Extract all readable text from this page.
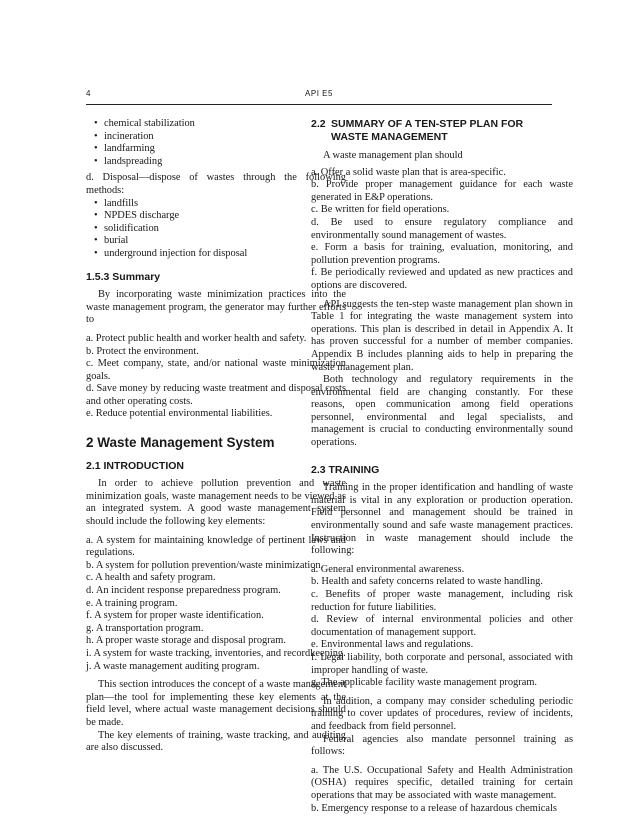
4	API E5
• chemical stabilization
• incineration
• landfarming
• landspreading

d. Disposal—dispose of wastes through the following methods:

• landfills
• NPDES discharge
• solidification
• burial
• underground injection for disposal
1.5.3 Summary

By incorporating waste minimization practices into the waste management program, the generator may further efforts to

a. Protect public health and worker health and safety.

b. Protect the environment.

c. Meet company, state, and/or national waste minimization goals.

d. Save money by reducing waste treatment and disposal costs and other operating costs.

e. Reduce potential environmental liabilities.

2 Waste Management System
2.1 INTRODUCTION

In order to achieve pollution prevention and waste minimization goals, waste management needs to be viewed as an integrated system. A good waste management system should include the following key elements:

a. A system for maintaining knowledge of pertinent laws and regulations.

b. A system for pollution prevention/waste minimization.

c. A health and safety program.

d. An incident response preparedness program.

e. A training program.

f. A system for proper waste identification.

g. A transportation program.

h. A proper waste storage and disposal program.

i. A system for waste tracking, inventories, and recordkeeping.

j. A waste management auditing program.

This section introduces the concept of a waste management plan—the tool for implementing these key elements at the field level, where actual waste management decisions should be made.

The key elements of training, waste tracking, and auditing are also discussed.

2.2 SUMMARY OF A TEN-STEP PLAN FOR
WASTE MANAGEMENT

A waste management plan should

a. Offer a solid waste plan that is area-specific.

b. Provide proper management guidance for each waste generated in E&P operations.

c. Be written for field operations.

d. Be used to ensure regulatory compliance and environmentally sound management of wastes.

e. Form a basis for training, evaluation, monitoring, and pollution prevention programs.

f. Be periodically reviewed and updated as new practices and options are discovered.

API suggests the ten-step waste management plan shown in Table 1 for integrating the waste management system into operations. This plan is described in detail in Appendix A. It has proven successful for a number of member companies. Appendix B includes planning aids to help in preparing the waste management plan.

Both technology and regulatory requirements in the environmental field are changing constantly. For these reasons, open communication among field operations personnel, environmental and legal specialists, and management is crucial to conducting environmentally sound operations.

2.3 TRAINING

Training in the proper identification and handling of waste material is vital in any exploration or production operation. Field personnel and management should be trained in environmentally sound and safe waste management practices. Instruction in waste management should include the following:

a. General environmental awareness.

b. Health and safety concerns related to waste handling.

c. Benefits of proper waste management, including risk reduction for future liabilities.

d. Review of internal environmental policies and other documentation of management support.

e. Environmental laws and regulations.

f. Legal liability, both corporate and personal, associated with improper handling of waste.

g. The applicable facility waste management program.

In addition, a company may consider scheduling periodic training to cover updates of procedures, review of incidents, and feedback from field personnel.

Federal agencies also mandate personnel training as follows:

a. The U.S. Occupational Safety and Health Administration (OSHA) requires specific, detailed training for certain operations that may be associated with waste management.

b. Emergency response to a release of hazardous chemicals
